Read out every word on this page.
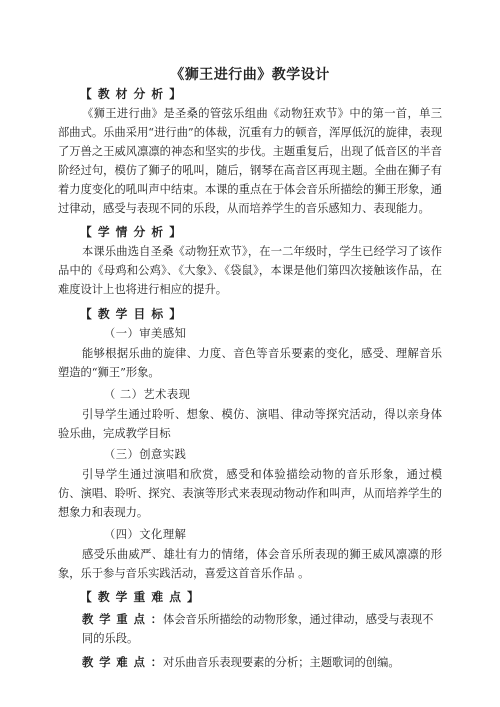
《狮王进行曲》教学设计
【 教 材 分 析 】

《狮王进行曲》是圣桑的管弦乐组曲《动物狂欢节》中的第一首，单三部曲式。乐曲采用“进行曲”的体裁，沉重有力的顿音，浑厚低沉的旋律，表现了万兽之王威风凛凛的神态和坚实的步伐。主题重复后，出现了低音区的半音阶经过句，模仿了狮子的吼叫，随后，钢琴在高音区再现主题。全曲在狮子有着力度变化的吼叫声中结束。本课的重点在于体会音乐所描绘的狮王形象，通过律动，感受与表现不同的乐段，从而培养学生的音乐感知力、表现能力。

【 学 情 分 析 】

本课乐曲选自圣桑《动物狂欢节》，在一二年级时，学生已经学习了该作品中的《母鸡和公鸡》、《大象》、《袋鼠》，本课是他们第四次接触该作品，在难度设计上也将进行相应的提升。

【 教 学 目 标 】
（一）审美感知

能够根据乐曲的旋律、力度、音色等音乐要素的变化，感受、理解音乐塑造的“狮王”形象。

（ 二）艺术表现

引导学生通过聆听、想象、模仿、演唱、律动等探究活动，得以亲身体验乐曲，完成教学目标

（三）创意实践

引导学生通过演唱和欣赏，感受和体验描绘动物的音乐形象，通过模仿、演唱、聆听、探究、表演等形式来表现动物动作和叫声，从而培养学生的想象力和表现力。

（四）文化理解

感受乐曲威严、雄壮有力的情绪，体会音乐所表现的狮王威风凛凛的形象，乐于参与音乐实践活动，喜爱这首音乐作品 。

【 教 学 重 难 点 】
教 学 重 点 ：体会音乐所描绘的动物形象，通过律动，感受与表现不同的乐段。
教 学 难 点 ：对乐曲音乐表现要素的分析；主题歌词的创编。
